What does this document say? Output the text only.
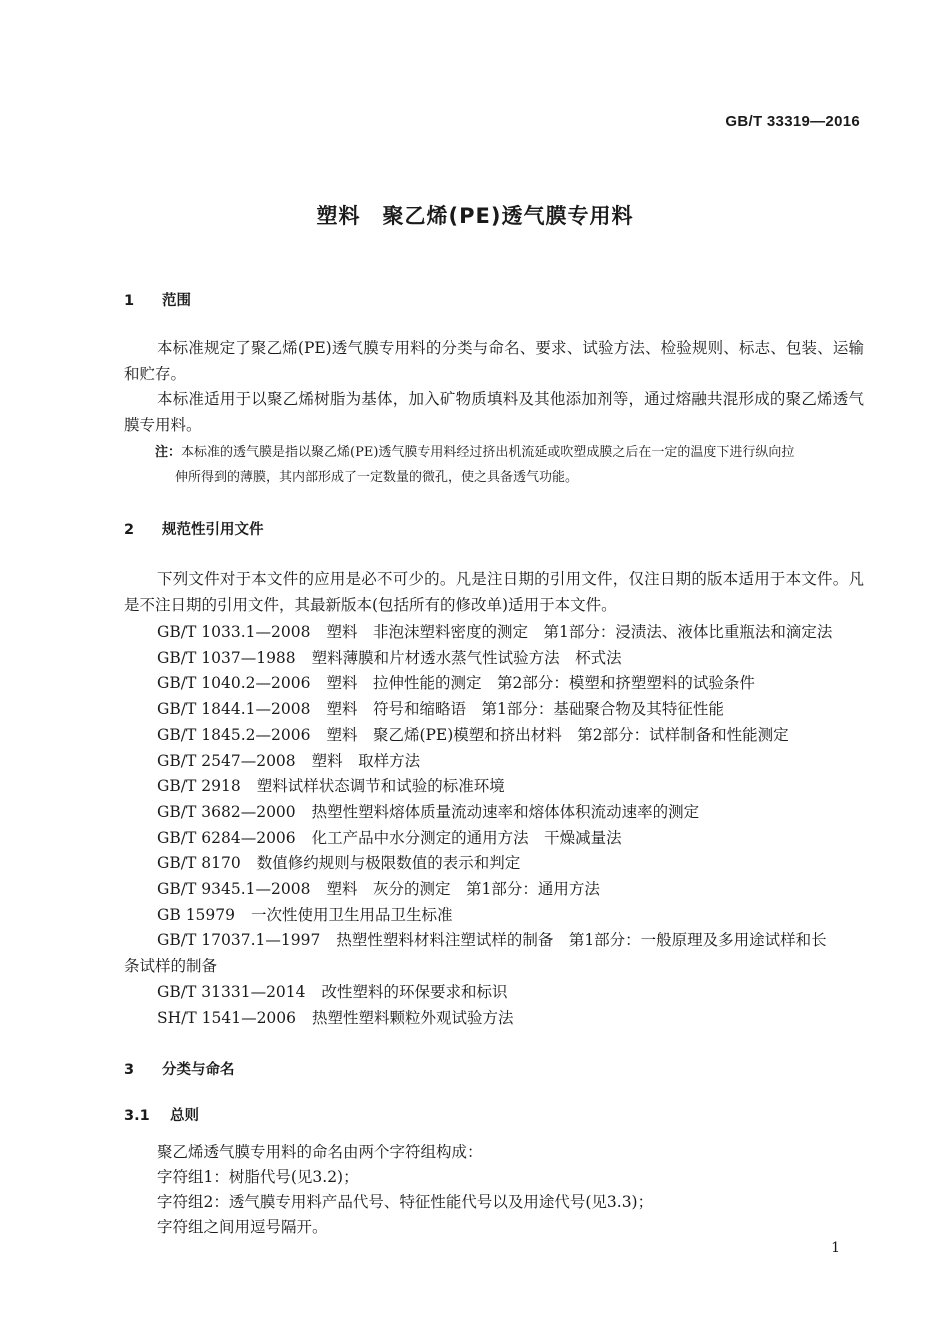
GB/T 33319—2016
塑料　聚乙烯(PE)透气膜专用料
1 范围
本标准规定了聚乙烯(PE)透气膜专用料的分类与命名、要求、试验方法、检验规则、标志、包装、运输和贮存。
本标准适用于以聚乙烯树脂为基体，加入矿物质填料及其他添加剂等，通过熔融共混形成的聚乙烯透气膜专用料。
注：本标准的透气膜是指以聚乙烯(PE)透气膜专用料经过挤出机流延或吹塑成膜之后在一定的温度下进行纵向拉
伸所得到的薄膜，其内部形成了一定数量的微孔，使之具备透气功能。
2 规范性引用文件
下列文件对于本文件的应用是必不可少的。凡是注日期的引用文件，仅注日期的版本适用于本文件。凡是不注日期的引用文件，其最新版本(包括所有的修改单)适用于本文件。
GB/T 1033.1—2008 塑料　非泡沫塑料密度的测定　第1部分：浸渍法、液体比重瓶法和滴定法
GB/T 1037—1988 塑料薄膜和片材透水蒸气性试验方法　杯式法
GB/T 1040.2—2006 塑料　拉伸性能的测定　第2部分：模塑和挤塑塑料的试验条件
GB/T 1844.1—2008 塑料　符号和缩略语　第1部分：基础聚合物及其特征性能
GB/T 1845.2—2006 塑料　聚乙烯(PE)模塑和挤出材料　第2部分：试样制备和性能测定
GB/T 2547—2008 塑料　取样方法
GB/T 2918 塑料试样状态调节和试验的标准环境
GB/T 3682—2000 热塑性塑料熔体质量流动速率和熔体体积流动速率的测定
GB/T 6284—2006 化工产品中水分测定的通用方法　干燥减量法
GB/T 8170 数值修约规则与极限数值的表示和判定
GB/T 9345.1—2008 塑料　灰分的测定　第1部分：通用方法
GB 15979 一次性使用卫生用品卫生标准
GB/T 17037.1—1997 热塑性塑料材料注塑试样的制备　第1部分：一般原理及多用途试样和长
条试样的制备
GB/T 31331—2014 改性塑料的环保要求和标识
SH/T 1541—2006 热塑性塑料颗粒外观试验方法
3 分类与命名
3.1 总则
聚乙烯透气膜专用料的命名由两个字符组构成：
字符组1：树脂代号(见3.2)；
字符组2：透气膜专用料产品代号、特征性能代号以及用途代号(见3.3)；
字符组之间用逗号隔开。
1
